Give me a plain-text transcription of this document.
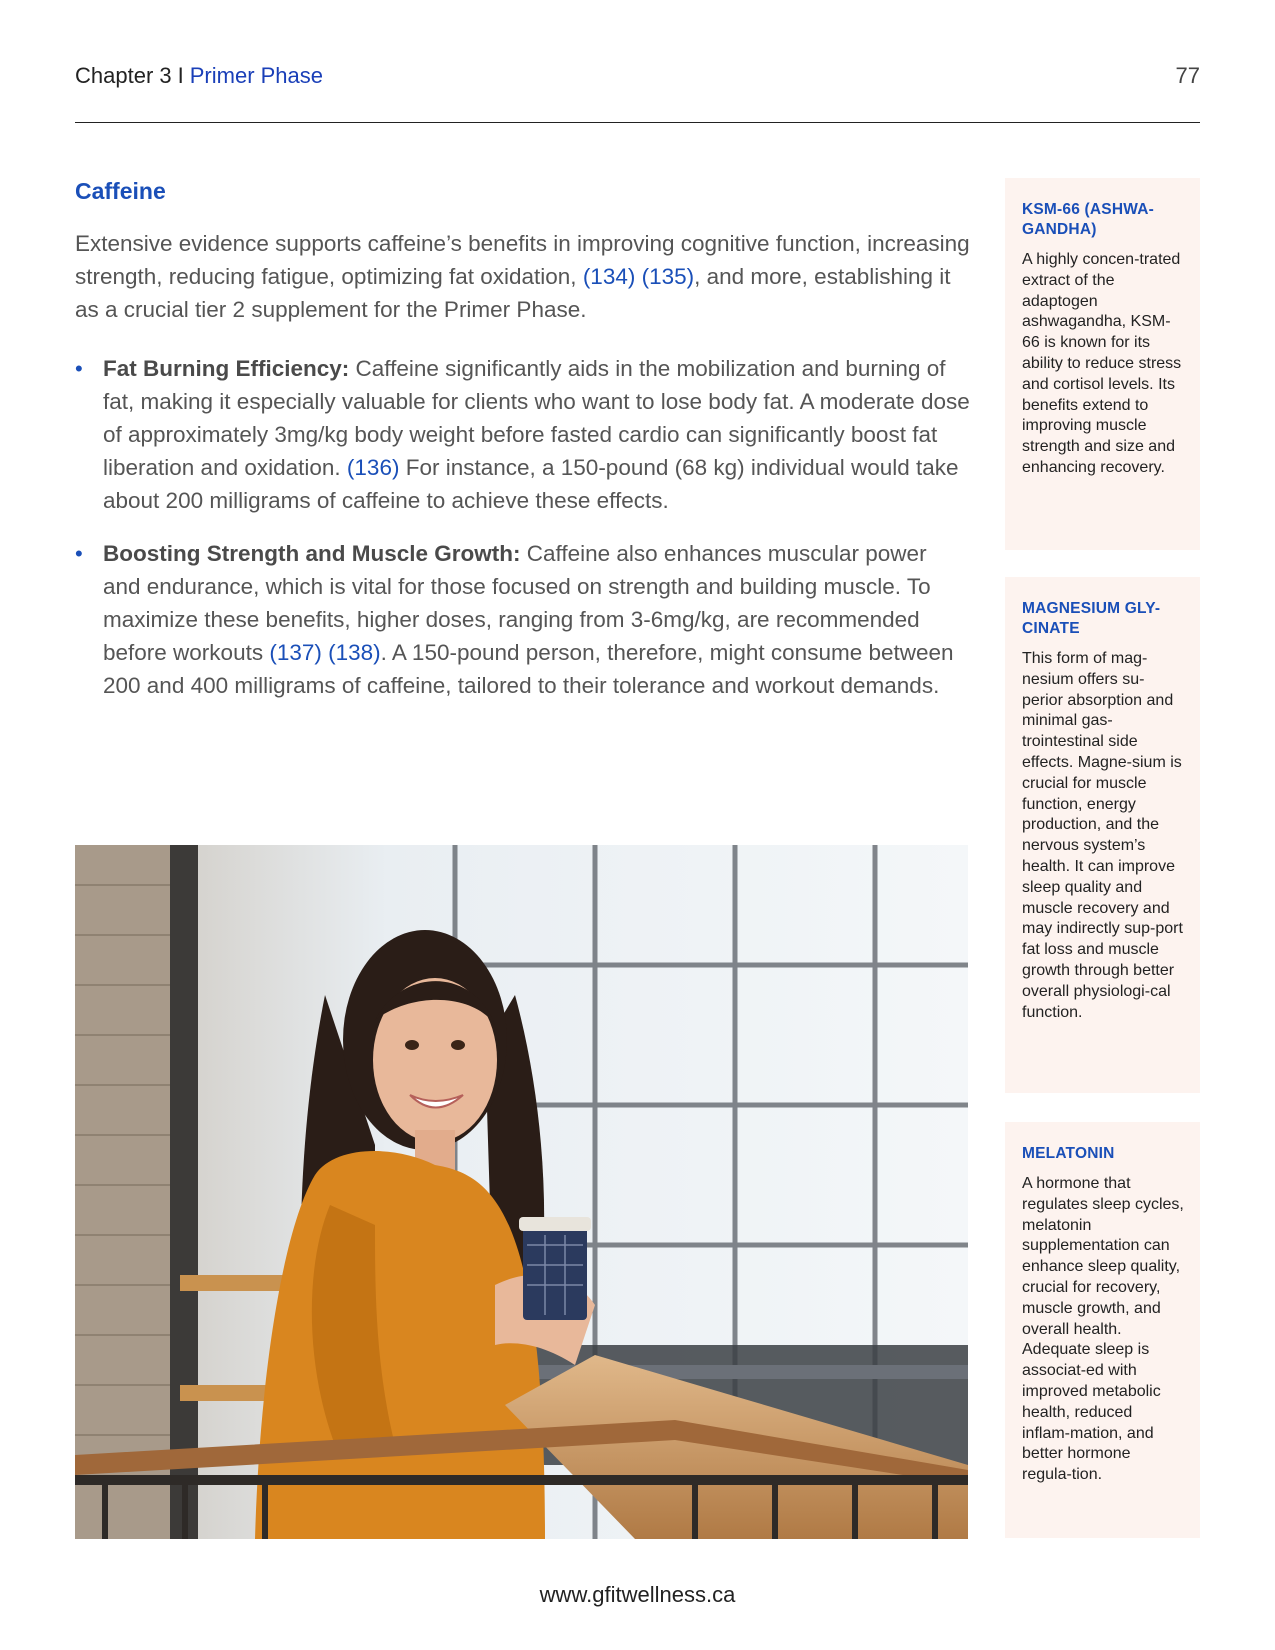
Chapter 3 I Primer Phase	77
Caffeine

Extensive evidence supports caffeine’s benefits in improving cognitive function, increasing strength, reducing fatigue, optimizing fat oxidation, (134) (135), and more, establishing it as a crucial tier 2 supplement for the Primer Phase.

• Fat Burning Efficiency: Caffeine significantly aids in the mobilization and burning of fat, making it especially valuable for clients who want to lose body fat. A moderate dose of approximately 3mg/kg body weight before fasted cardio can significantly boost fat liberation and oxidation. (136) For instance, a 150-pound (68 kg) individual would take about 200 milligrams of caffeine to achieve these effects.
• Boosting Strength and Muscle Growth: Caffeine also enhances muscular power and endurance, which is vital for those focused on strength and building muscle. To maximize these benefits, higher doses, ranging from 3-6mg/kg, are recommended before workouts (137) (138). A 150-pound person, therefore, might consume between 200 and 400 milligrams of caffeine, tailored to their tolerance and workout demands.
KSM-66 (ASHWA-GANDHA)

A highly concen-trated extract of the adaptogen ashwagandha, KSM-66 is known for its ability to reduce stress and cortisol levels. Its benefits extend to improving muscle strength and size and enhancing recovery.

MAGNESIUM GLY-CINATE

This form of mag-nesium offers su-perior absorption and minimal gas-trointestinal side effects. Magne-sium is crucial for muscle function, energy production, and the nervous system’s health. It can improve sleep quality and muscle recovery and may indirectly sup-port fat loss and muscle growth through better overall physiologi-cal function.

MELATONIN

A hormone that regulates sleep cycles, melatonin supplementation can enhance sleep quality, crucial for recovery, muscle growth, and overall health. Adequate sleep is associat-ed with improved metabolic health, reduced inflam-mation, and better hormone regula-tion.

www.gfitwellness.ca
